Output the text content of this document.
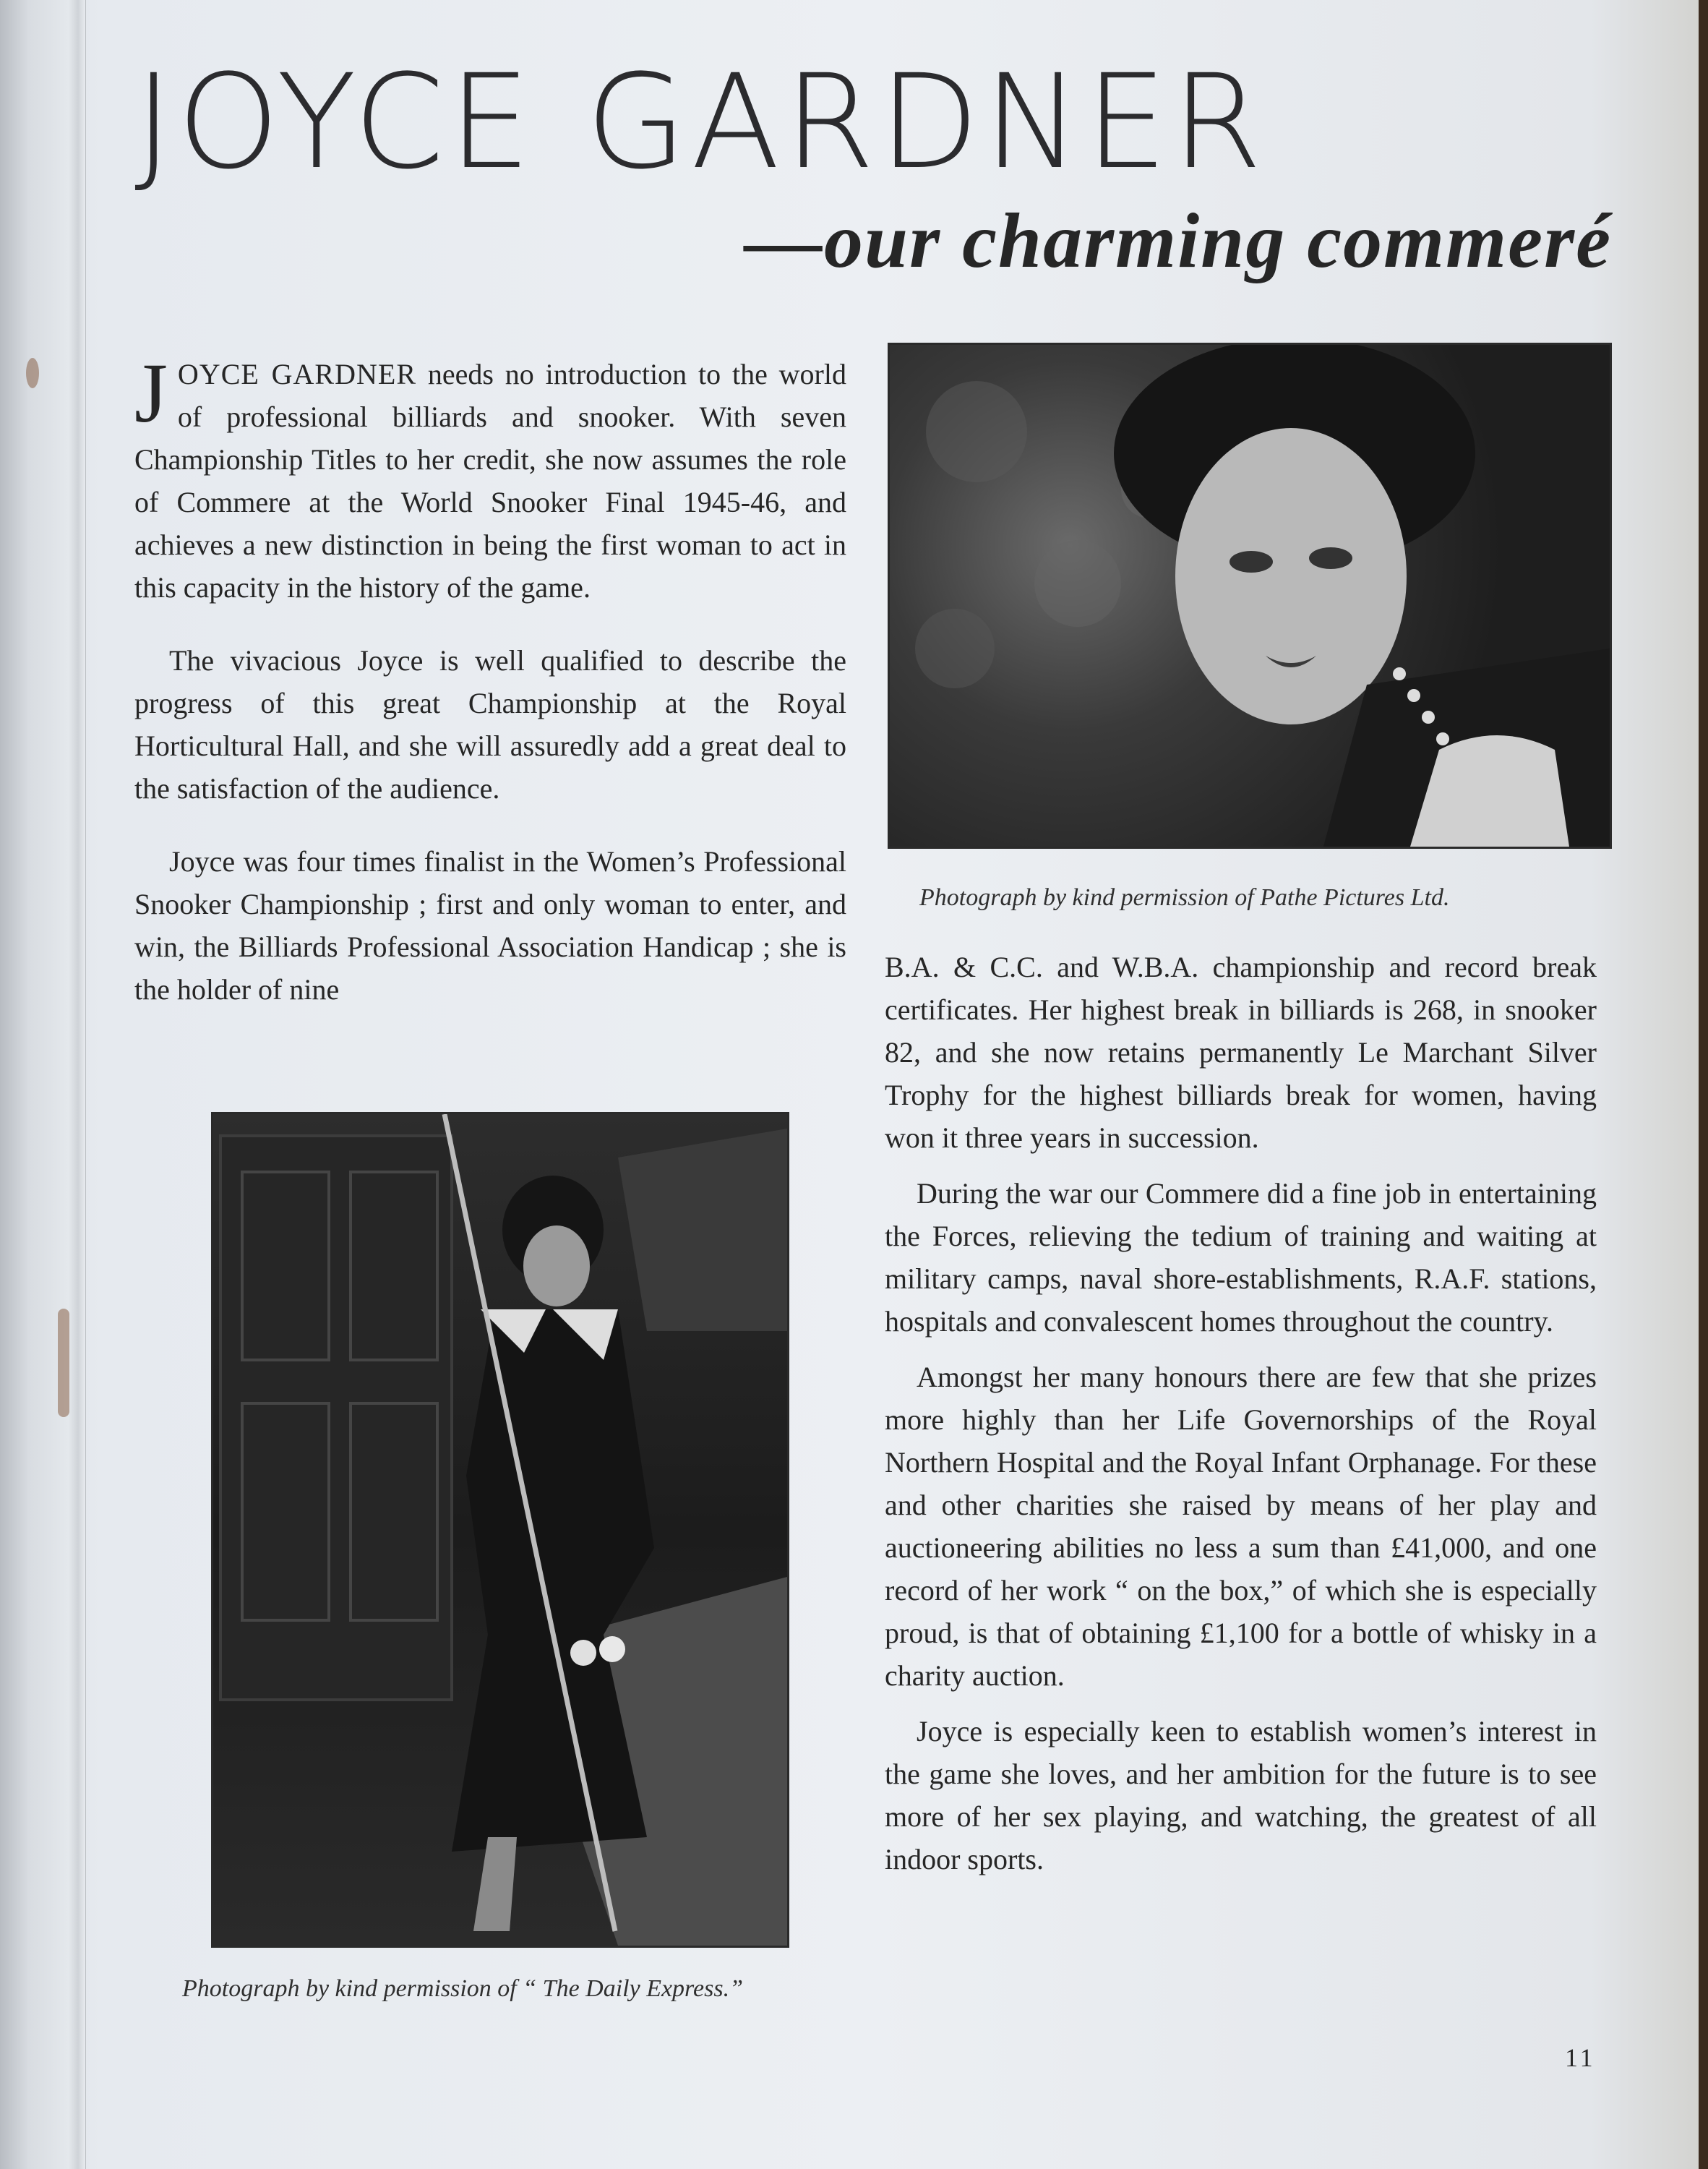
JOYCE GARDNER
—our charming commeré

JOYCE GARDNER needs no introduction to the world of professional billiards and snooker. With seven Championship Titles to her credit, she now assumes the role of Commere at the World Snooker Final 1945-46, and achieves a new distinction in being the first woman to act in this capacity in the history of the game.

The vivacious Joyce is well qualified to describe the progress of this great Championship at the Royal Horticultural Hall, and she will assuredly add a great deal to the satisfaction of the audience.

Joyce was four times finalist in the Women’s Professional Snooker Championship ; first and only woman to enter, and win, the Billiards Professional Association Handicap ; she is the holder of nine

Photograph by kind permission of Pathe Pictures Ltd.

B.A. & C.C. and W.B.A. championship and record break certificates. Her highest break in billiards is 268, in snooker 82, and she now retains permanently Le Marchant Silver Trophy for the highest billiards break for women, having won it three years in succession.

During the war our Commere did a fine job in entertaining the Forces, relieving the tedium of training and waiting at military camps, naval shore-establishments, R.A.F. stations, hospitals and convalescent homes throughout the country.

Amongst her many honours there are few that she prizes more highly than her Life Governorships of the Royal Northern Hospital and the Royal Infant Orphanage. For these and other charities she raised by means of her play and auctioneering abilities no less a sum than £41,000, and one record of her work “ on the box,” of which she is especially proud, is that of obtaining £1,100 for a bottle of whisky in a charity auction.

Joyce is especially keen to establish women’s interest in the game she loves, and her ambition for the future is to see more of her sex playing, and watching, the greatest of all indoor sports.

Photograph by kind permission of “ The Daily Express.”
11
